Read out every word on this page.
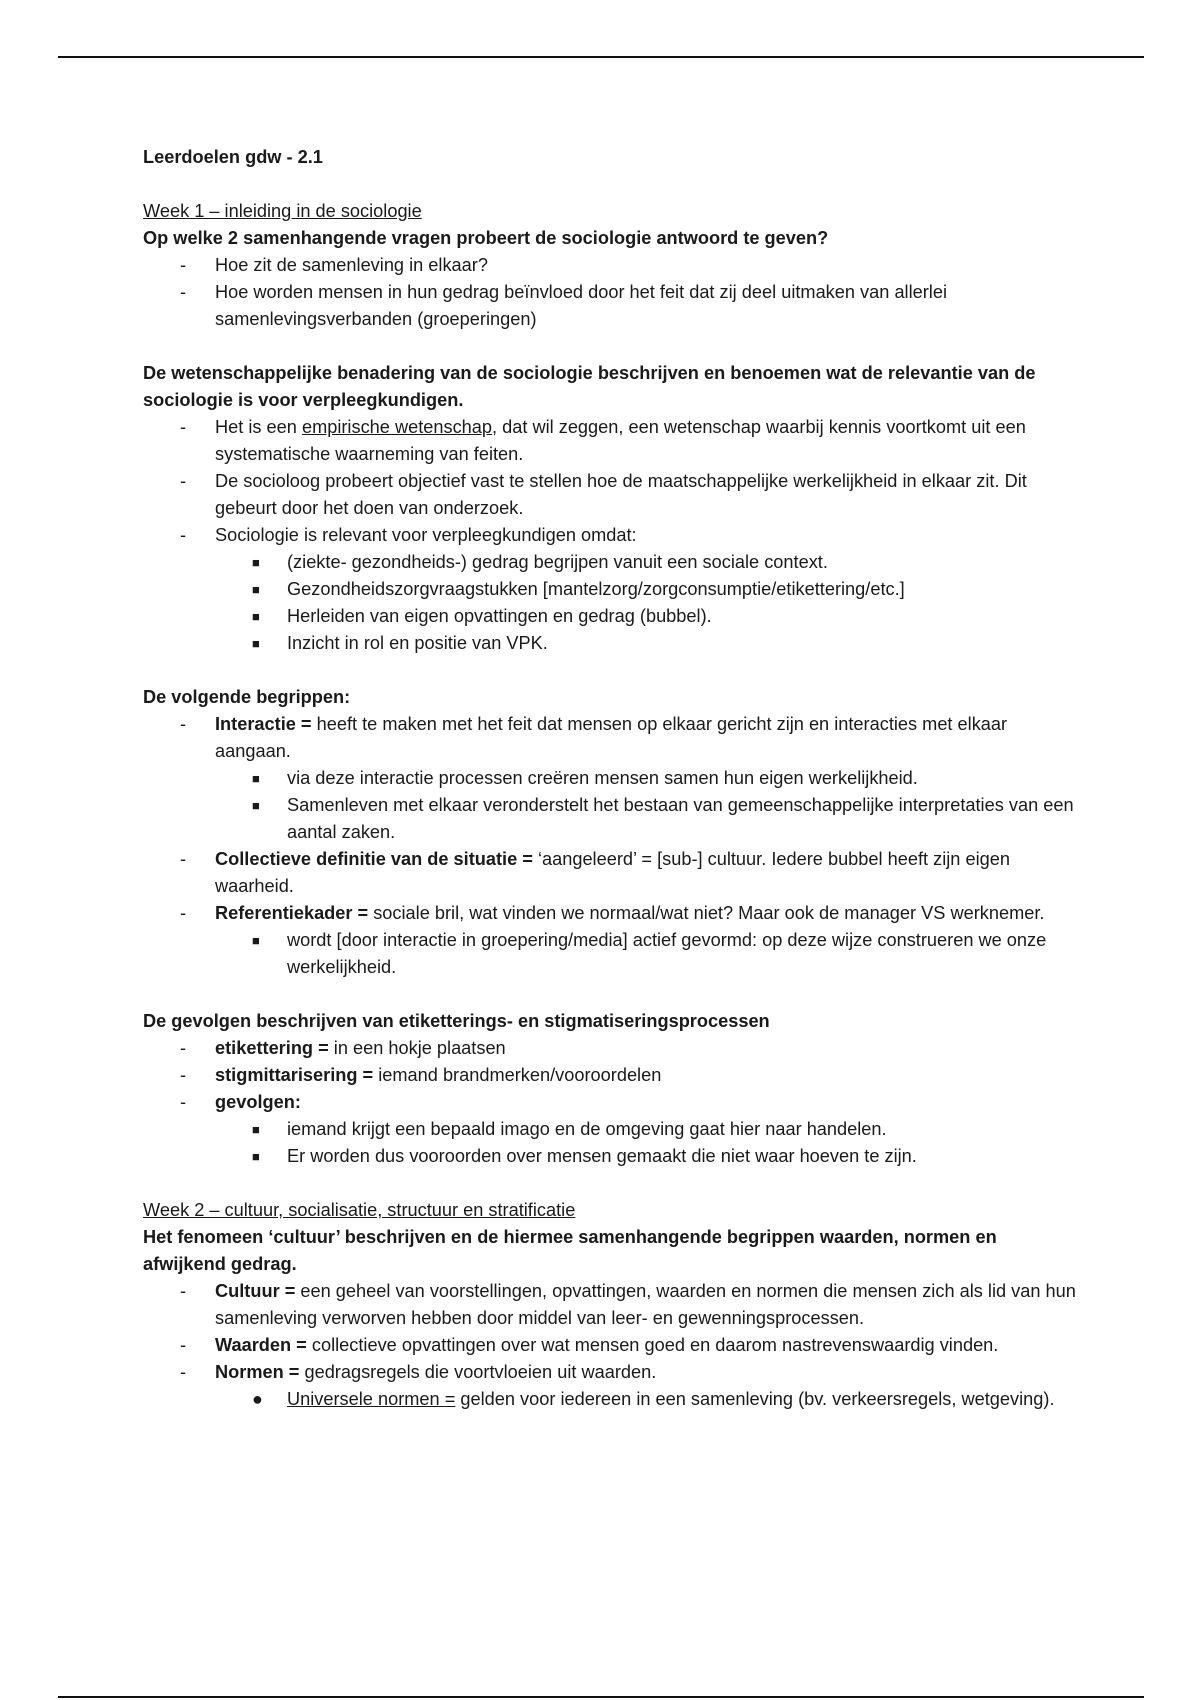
Leerdoelen gdw - 2.1

Week 1 – inleiding in de sociologie

Op welke 2 samenhangende vragen probeert de sociologie antwoord te geven?

- Hoe zit de samenleving in elkaar?
- Hoe worden mensen in hun gedrag beïnvloed door het feit dat zij deel uitmaken van allerlei samenlevingsverbanden (groeperingen)

De wetenschappelijke benadering van de sociologie beschrijven en benoemen wat de relevantie van de sociologie is voor verpleegkundigen.

- Het is een empirische wetenschap, dat wil zeggen, een wetenschap waarbij kennis voortkomt uit een systematische waarneming van feiten.
- De socioloog probeert objectief vast te stellen hoe de maatschappelijke werkelijkheid in elkaar zit. Dit gebeurt door het doen van onderzoek.
- Sociologie is relevant voor verpleegkundigen omdat:
■ (ziekte- gezondheids-) gedrag begrijpen vanuit een sociale context.
■ Gezondheidszorgvraagstukken [mantelzorg/zorgconsumptie/etikettering/etc.]
■ Herleiden van eigen opvattingen en gedrag (bubbel).
■ Inzicht in rol en positie van VPK.

De volgende begrippen:

- Interactie = heeft te maken met het feit dat mensen op elkaar gericht zijn en interacties met elkaar aangaan.
■ via deze interactie processen creëren mensen samen hun eigen werkelijkheid.
■ Samenleven met elkaar veronderstelt het bestaan van gemeenschappelijke interpretaties van een aantal zaken.
- Collectieve definitie van de situatie = ‘aangeleerd’ = [sub-] cultuur. Iedere bubbel heeft zijn eigen waarheid.
- Referentiekader = sociale bril, wat vinden we normaal/wat niet? Maar ook de manager VS werknemer.
■ wordt [door interactie in groepering/media] actief gevormd: op deze wijze construeren we onze werkelijkheid.

De gevolgen beschrijven van etiketterings- en stigmatiseringsprocessen

- etikettering = in een hokje plaatsen
- stigmittarisering = iemand brandmerken/vooroordelen
- gevolgen:
■ iemand krijgt een bepaald imago en de omgeving gaat hier naar handelen.
■ Er worden dus vooroorden over mensen gemaakt die niet waar hoeven te zijn.

Week 2 – cultuur, socialisatie, structuur en stratificatie

Het fenomeen ‘cultuur’ beschrijven en de hiermee samenhangende begrippen waarden, normen en afwijkend gedrag.

- Cultuur = een geheel van voorstellingen, opvattingen, waarden en normen die mensen zich als lid van hun samenleving verworven hebben door middel van leer- en gewenningsprocessen.
- Waarden = collectieve opvattingen over wat mensen goed en daarom nastrevenswaardig vinden.
- Normen = gedragsregels die voortvloeien uit waarden.
● Universele normen = gelden voor iedereen in een samenleving (bv. verkeersregels, wetgeving).
